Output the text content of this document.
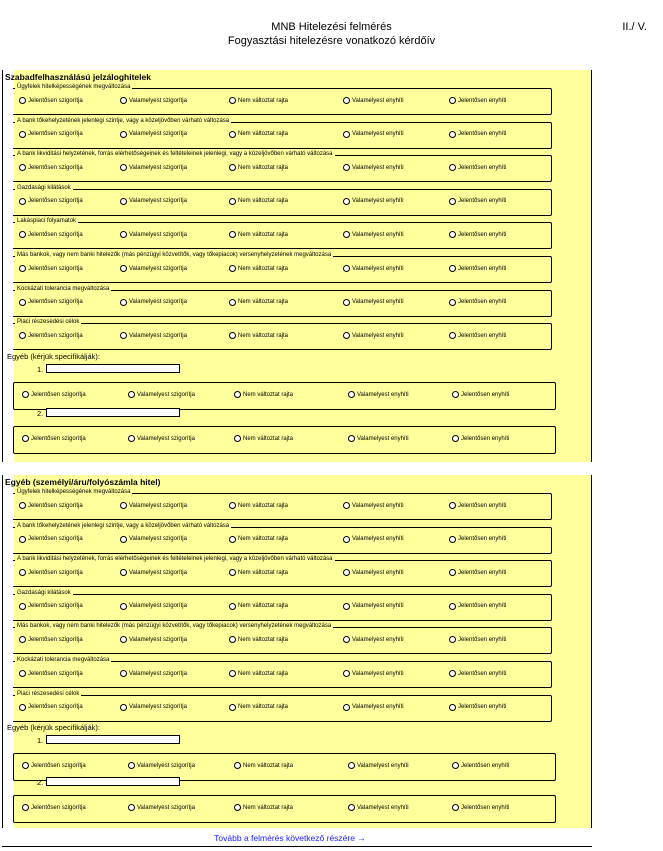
MNB Hitelezési felmérés
Fogyasztási hitelezésre vonatkozó kérdőív
II./ V.
Szabadfelhasználású jelzáloghitelek
Ügyfelek hitelképességének megváltozása
Jelentősen szigorítja	Valamelyest szigorítja	Nem változtat rajta	Valamelyest enyhíti	Jelentősen enyhíti
A bank tőkehelyzetének jelenlegi szintje, vagy a közeljövőben várható változása
Jelentősen szigorítja	Valamelyest szigorítja	Nem változtat rajta	Valamelyest enyhíti	Jelentősen enyhíti
A bank likviditási helyzetének, forrás elérhetőségeinek és feltételeinek jelenlegi, vagy a közeljövőben várható változása
Jelentősen szigorítja	Valamelyest szigorítja	Nem változtat rajta	Valamelyest enyhíti	Jelentősen enyhíti
Gazdasági kilátások
Jelentősen szigorítja	Valamelyest szigorítja	Nem változtat rajta	Valamelyest enyhíti	Jelentősen enyhíti
Lakáspiaci folyamatok
Jelentősen szigorítja	Valamelyest szigorítja	Nem változtat rajta	Valamelyest enyhíti	Jelentősen enyhíti
Más bankok, vagy nem banki hitelezők (más pénzügyi közvetítők, vagy tőkepiacok) versenyhelyzetének megváltozása
Jelentősen szigorítja	Valamelyest szigorítja	Nem változtat rajta	Valamelyest enyhíti	Jelentősen enyhíti
Kockázati tolerancia megváltozása
Jelentősen szigorítja	Valamelyest szigorítja	Nem változtat rajta	Valamelyest enyhíti	Jelentősen enyhíti
Piaci részesedési célok
Jelentősen szigorítja	Valamelyest szigorítja	Nem változtat rajta	Valamelyest enyhíti	Jelentősen enyhíti
Egyéb (kérjük specifikálják):
1.
Jelentősen szigorítja	Valamelyest szigorítja	Nem változtat rajta	Valamelyest enyhíti	Jelentősen enyhíti
2.
Jelentősen szigorítja	Valamelyest szigorítja	Nem változtat rajta	Valamelyest enyhíti	Jelentősen enyhíti
Egyéb (személyi/áru/folyószámla hitel)
Ügyfelek hitelképességének megváltozása
Jelentősen szigorítja	Valamelyest szigorítja	Nem változtat rajta	Valamelyest enyhíti	Jelentősen enyhíti
A bank tőkehelyzetének jelenlegi szintje, vagy a közeljövőben várható változása
Jelentősen szigorítja	Valamelyest szigorítja	Nem változtat rajta	Valamelyest enyhíti	Jelentősen enyhíti
A bank likviditási helyzetének, forrás elérhetőségeinek és feltételeinek jelenlegi, vagy a közeljövőben várható változása
Jelentősen szigorítja	Valamelyest szigorítja	Nem változtat rajta	Valamelyest enyhíti	Jelentősen enyhíti
Gazdasági kilátások
Jelentősen szigorítja	Valamelyest szigorítja	Nem változtat rajta	Valamelyest enyhíti	Jelentősen enyhíti
Más bankok, vagy nem banki hitelezők (más pénzügyi közvetítők, vagy tőkepiacok) versenyhelyzetének megváltozása
Jelentősen szigorítja	Valamelyest szigorítja	Nem változtat rajta	Valamelyest enyhíti	Jelentősen enyhíti
Kockázati tolerancia megváltozása
Jelentősen szigorítja	Valamelyest szigorítja	Nem változtat rajta	Valamelyest enyhíti	Jelentősen enyhíti
Piaci részesedési célok
Jelentősen szigorítja	Valamelyest szigorítja	Nem változtat rajta	Valamelyest enyhíti	Jelentősen enyhíti
Egyéb (kérjük specifikálják):
1.
Jelentősen szigorítja	Valamelyest szigorítja	Nem változtat rajta	Valamelyest enyhíti	Jelentősen enyhíti
2.
Jelentősen szigorítja	Valamelyest szigorítja	Nem változtat rajta	Valamelyest enyhíti	Jelentősen enyhíti
Tovább a felmérés következő részére →
